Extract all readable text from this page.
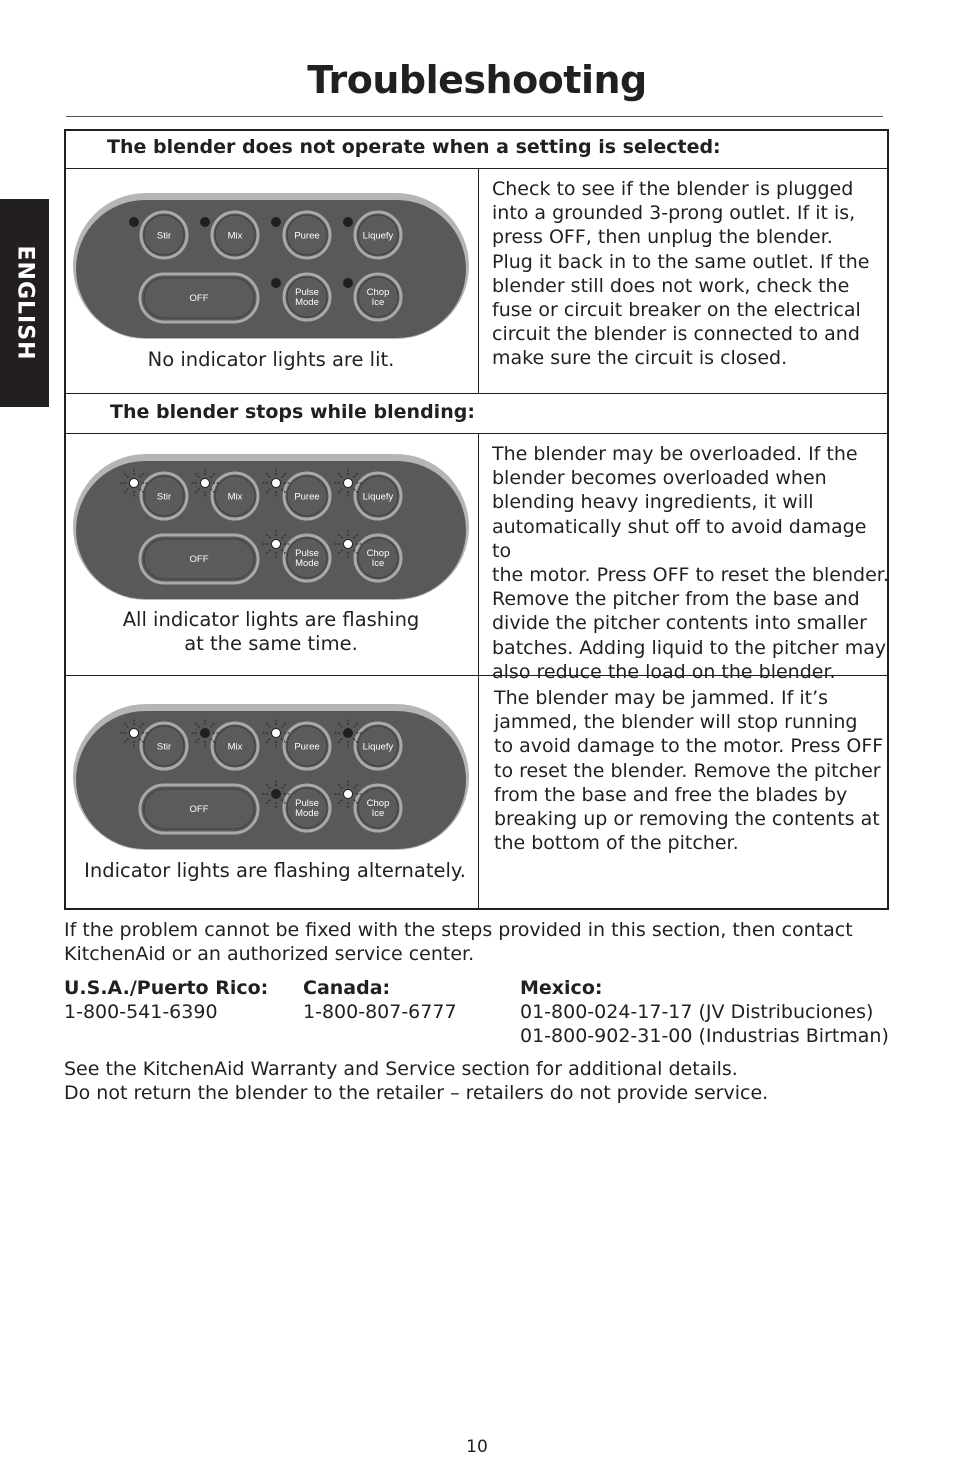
Troubleshooting
ENGLISH
The blender does not operate when a setting is selected:
The blender stops while blending:
OFF
Stir	Mix	Puree	Liquefy
Pulse
Mode
Chop
Ice
No indicator lights are lit.
Check to see if the blender is plugged
into a grounded 3-prong outlet. If it is,
press OFF, then unplug the blender.
Plug it back in to the same outlet. If the
blender still does not work, check the
fuse or circuit breaker on the electrical
circuit the blender is connected to and
make sure the circuit is closed.
OFF
Stir	Mix	Puree	Liquefy
Pulse
Mode
Chop
Ice
All indicator lights are flashing
at the same time.
The blender may be overloaded. If the
blender becomes overloaded when
blending heavy ingredients, it will
automatically shut off to avoid damage to
the motor. Press OFF to reset the blender.
Remove the pitcher from the base and
divide the pitcher contents into smaller
batches. Adding liquid to the pitcher may
also reduce the load on the blender.
OFF
Stir	Mix	Puree	Liquefy
Pulse
Mode
Chop
Ice
Indicator lights are flashing alternately.
The blender may be jammed. If it’s
jammed, the blender will stop running
to avoid damage to the motor. Press OFF
to reset the blender. Remove the pitcher
from the base and free the blades by
breaking up or removing the contents at
the bottom of the pitcher.
If the problem cannot be fixed with the steps provided in this section, then contact
KitchenAid or an authorized service center.
U.S.A./Puerto Rico:
1-800-541-6390
Canada:
1-800-807-6777
Mexico:
01-800-024-17-17 (JV Distribuciones)
01-800-902-31-00 (Industrias Birtman)
See the KitchenAid Warranty and Service section for additional details.
Do not return the blender to the retailer – retailers do not provide service.
10
